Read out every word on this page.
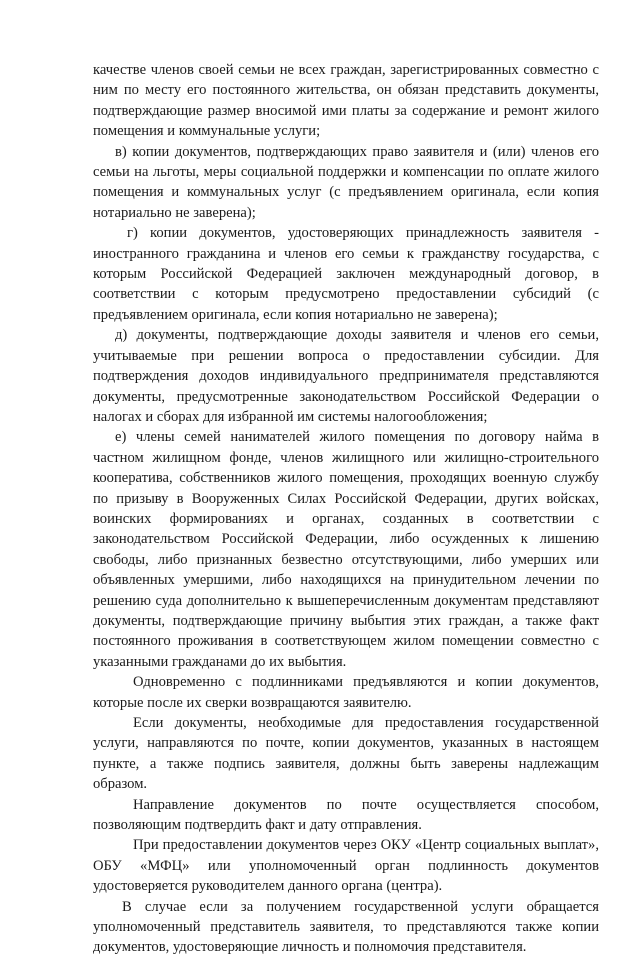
качестве членов своей семьи не всех граждан, зарегистрированных совместно с ним по месту его постоянного жительства, он обязан представить документы, подтверждающие размер вносимой ими платы за содержание и ремонт жилого помещения и коммунальные услуги;

в) копии документов, подтверждающих право заявителя и (или) членов его семьи на льготы, меры социальной поддержки и компенсации по оплате жилого помещения и коммунальных услуг (с предъявлением оригинала, если копия нотариально не заверена);

г) копии документов, удостоверяющих принадлежность заявителя - иностранного гражданина и членов его семьи к гражданству государства, с которым Российской Федерацией заключен международный договор, в соответствии с которым предусмотрено предоставлении субсидий (с предъявлением оригинала, если копия нотариально не заверена);

д) документы, подтверждающие доходы заявителя и членов его семьи, учитываемые при решении вопроса о предоставлении субсидии. Для подтверждения доходов индивидуального предпринимателя представляются документы, предусмотренные законодательством Российской Федерации о налогах и сборах для избранной им системы налогообложения;

е) члены семей нанимателей жилого помещения по договору найма в частном жилищном фонде, членов жилищного или жилищно-строительного кооператива, собственников жилого помещения, проходящих военную службу по призыву в Вооруженных Силах Российской Федерации, других войсках, воинских формированиях и органах, созданных в соответствии с законодательством Российской Федерации, либо осужденных к лишению свободы, либо признанных безвестно отсутствующими, либо умерших или объявленных умершими, либо находящихся на принудительном лечении по решению суда дополнительно к вышеперечисленным документам представляют документы, подтверждающие причину выбытия этих граждан, а также факт постоянного проживания в соответствующем жилом помещении совместно с указанными гражданами до их выбытия.

Одновременно с подлинниками предъявляются и копии документов, которые после их сверки возвращаются заявителю.

Если документы, необходимые для предоставления государственной услуги, направляются по почте, копии документов, указанных в настоящем пункте, а также подпись заявителя, должны быть заверены надлежащим образом.

Направление документов по почте осуществляется способом, позволяющим подтвердить факт и дату отправления.

При предоставлении документов через ОКУ «Центр социальных выплат», ОБУ «МФЦ» или уполномоченный орган подлинность документов удостоверяется руководителем данного органа (центра).

В случае если за получением государственной услуги обращается уполномоченный представитель заявителя, то представляются также копии документов, удостоверяющие личность и полномочия представителя.
